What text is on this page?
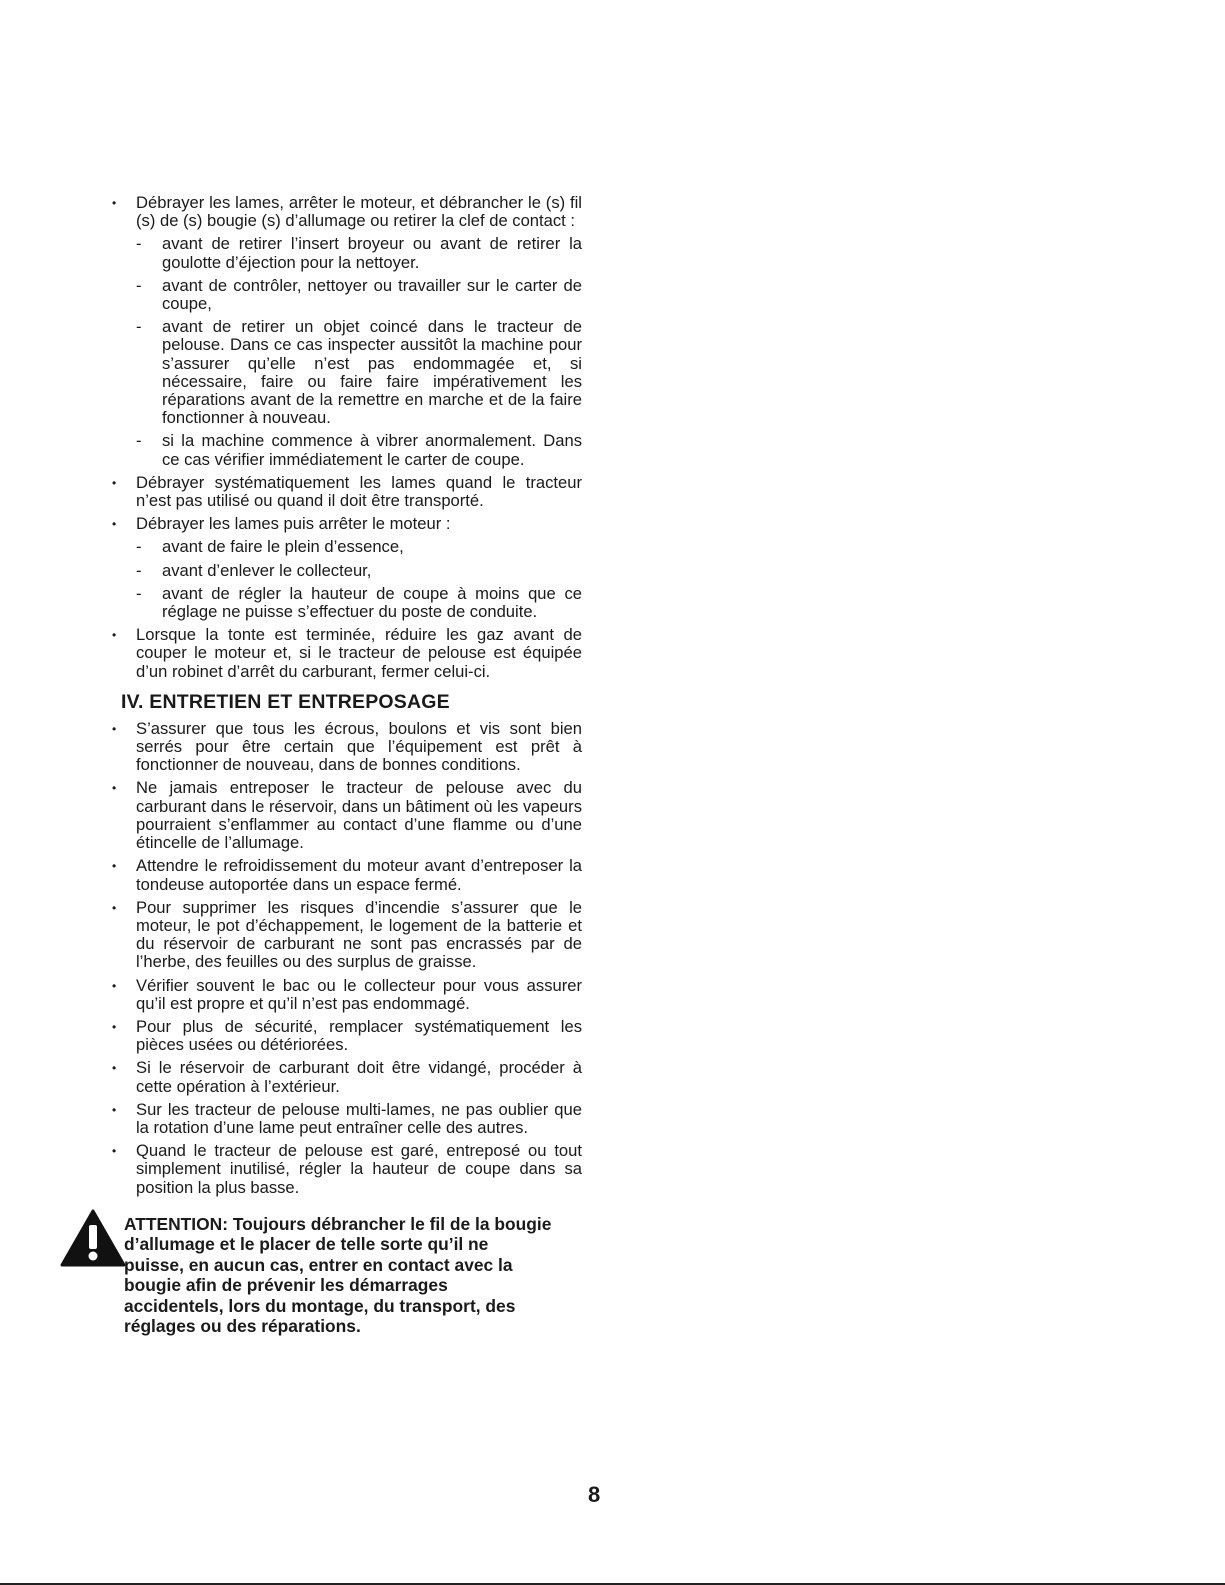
• Débrayer les lames, arrêter le moteur, et débrancher le (s) fil (s) de (s) bougie (s) d’allumage ou retirer la clef de contact :
- avant de retirer l’insert broyeur ou avant de retirer la goulotte d’éjection pour la nettoyer.
- avant de contrôler, nettoyer ou travailler sur le carter de coupe,
- avant de retirer un objet coincé dans le tracteur de pelouse. Dans ce cas inspecter aussitôt la machine pour s’assurer qu’elle n’est pas endommagée et, si nécessaire, faire ou faire faire impérativement les réparations avant de la remettre en marche et de la faire fonctionner à nouveau.
- si la machine commence à vibrer anormalement. Dans ce cas vérifier immédiatement le carter de coupe.
• Débrayer systématiquement les lames quand le tracteur n’est pas utilisé ou quand il doit être transporté.
• Débrayer les lames puis arrêter le moteur :
- avant de faire le plein d’essence,
- avant d’enlever le collecteur,
- avant de régler la hauteur de coupe à moins que ce réglage ne puisse s’effectuer du poste de conduite.
• Lorsque la tonte est terminée, réduire les gaz avant de couper le moteur et, si le tracteur de pelouse est équipée d’un robinet d’arrêt du carburant, fermer celui-ci.
IV. ENTRETIEN ET ENTREPOSAGE
• S’assurer que tous les écrous, boulons et vis sont bien serrés pour être certain que l’équipement est prêt à fonctionner de nouveau, dans de bonnes conditions.
• Ne jamais entreposer le tracteur de pelouse avec du carburant dans le réservoir, dans un bâtiment où les vapeurs pourraient s’enflammer au contact d’une flamme ou d’une étincelle de l’allumage.
• Attendre le refroidissement du moteur avant d’entreposer la tondeuse autoportée dans un espace fermé.
• Pour supprimer les risques d’incendie s’assurer que le moteur, le pot d’échappement, le logement de la batterie et du réservoir de carburant ne sont pas encrassés par de l’herbe, des feuilles ou des surplus de graisse.
• Vérifier souvent le bac ou le collecteur pour vous assurer qu’il est propre et qu’il n’est pas endommagé.
• Pour plus de sécurité, remplacer systématiquement les pièces usées ou détériorées.
• Si le réservoir de carburant doit être vidangé, procéder à cette opération à l’extérieur.
• Sur les tracteur de pelouse multi-lames, ne pas oublier que la rotation d’une lame peut entraîner celle des autres.
• Quand le tracteur de pelouse est garé, entreposé ou tout simplement inutilisé, régler la hauteur de coupe dans sa position la plus basse.
ATTENTION: Toujours débrancher le fil de la bougie d’allumage et le placer de telle sorte qu’il ne puisse, en aucun cas, entrer en contact avec la bougie afin de prévenir les démarrages accidentels, lors du montage, du transport, des réglages ou des réparations.
8
